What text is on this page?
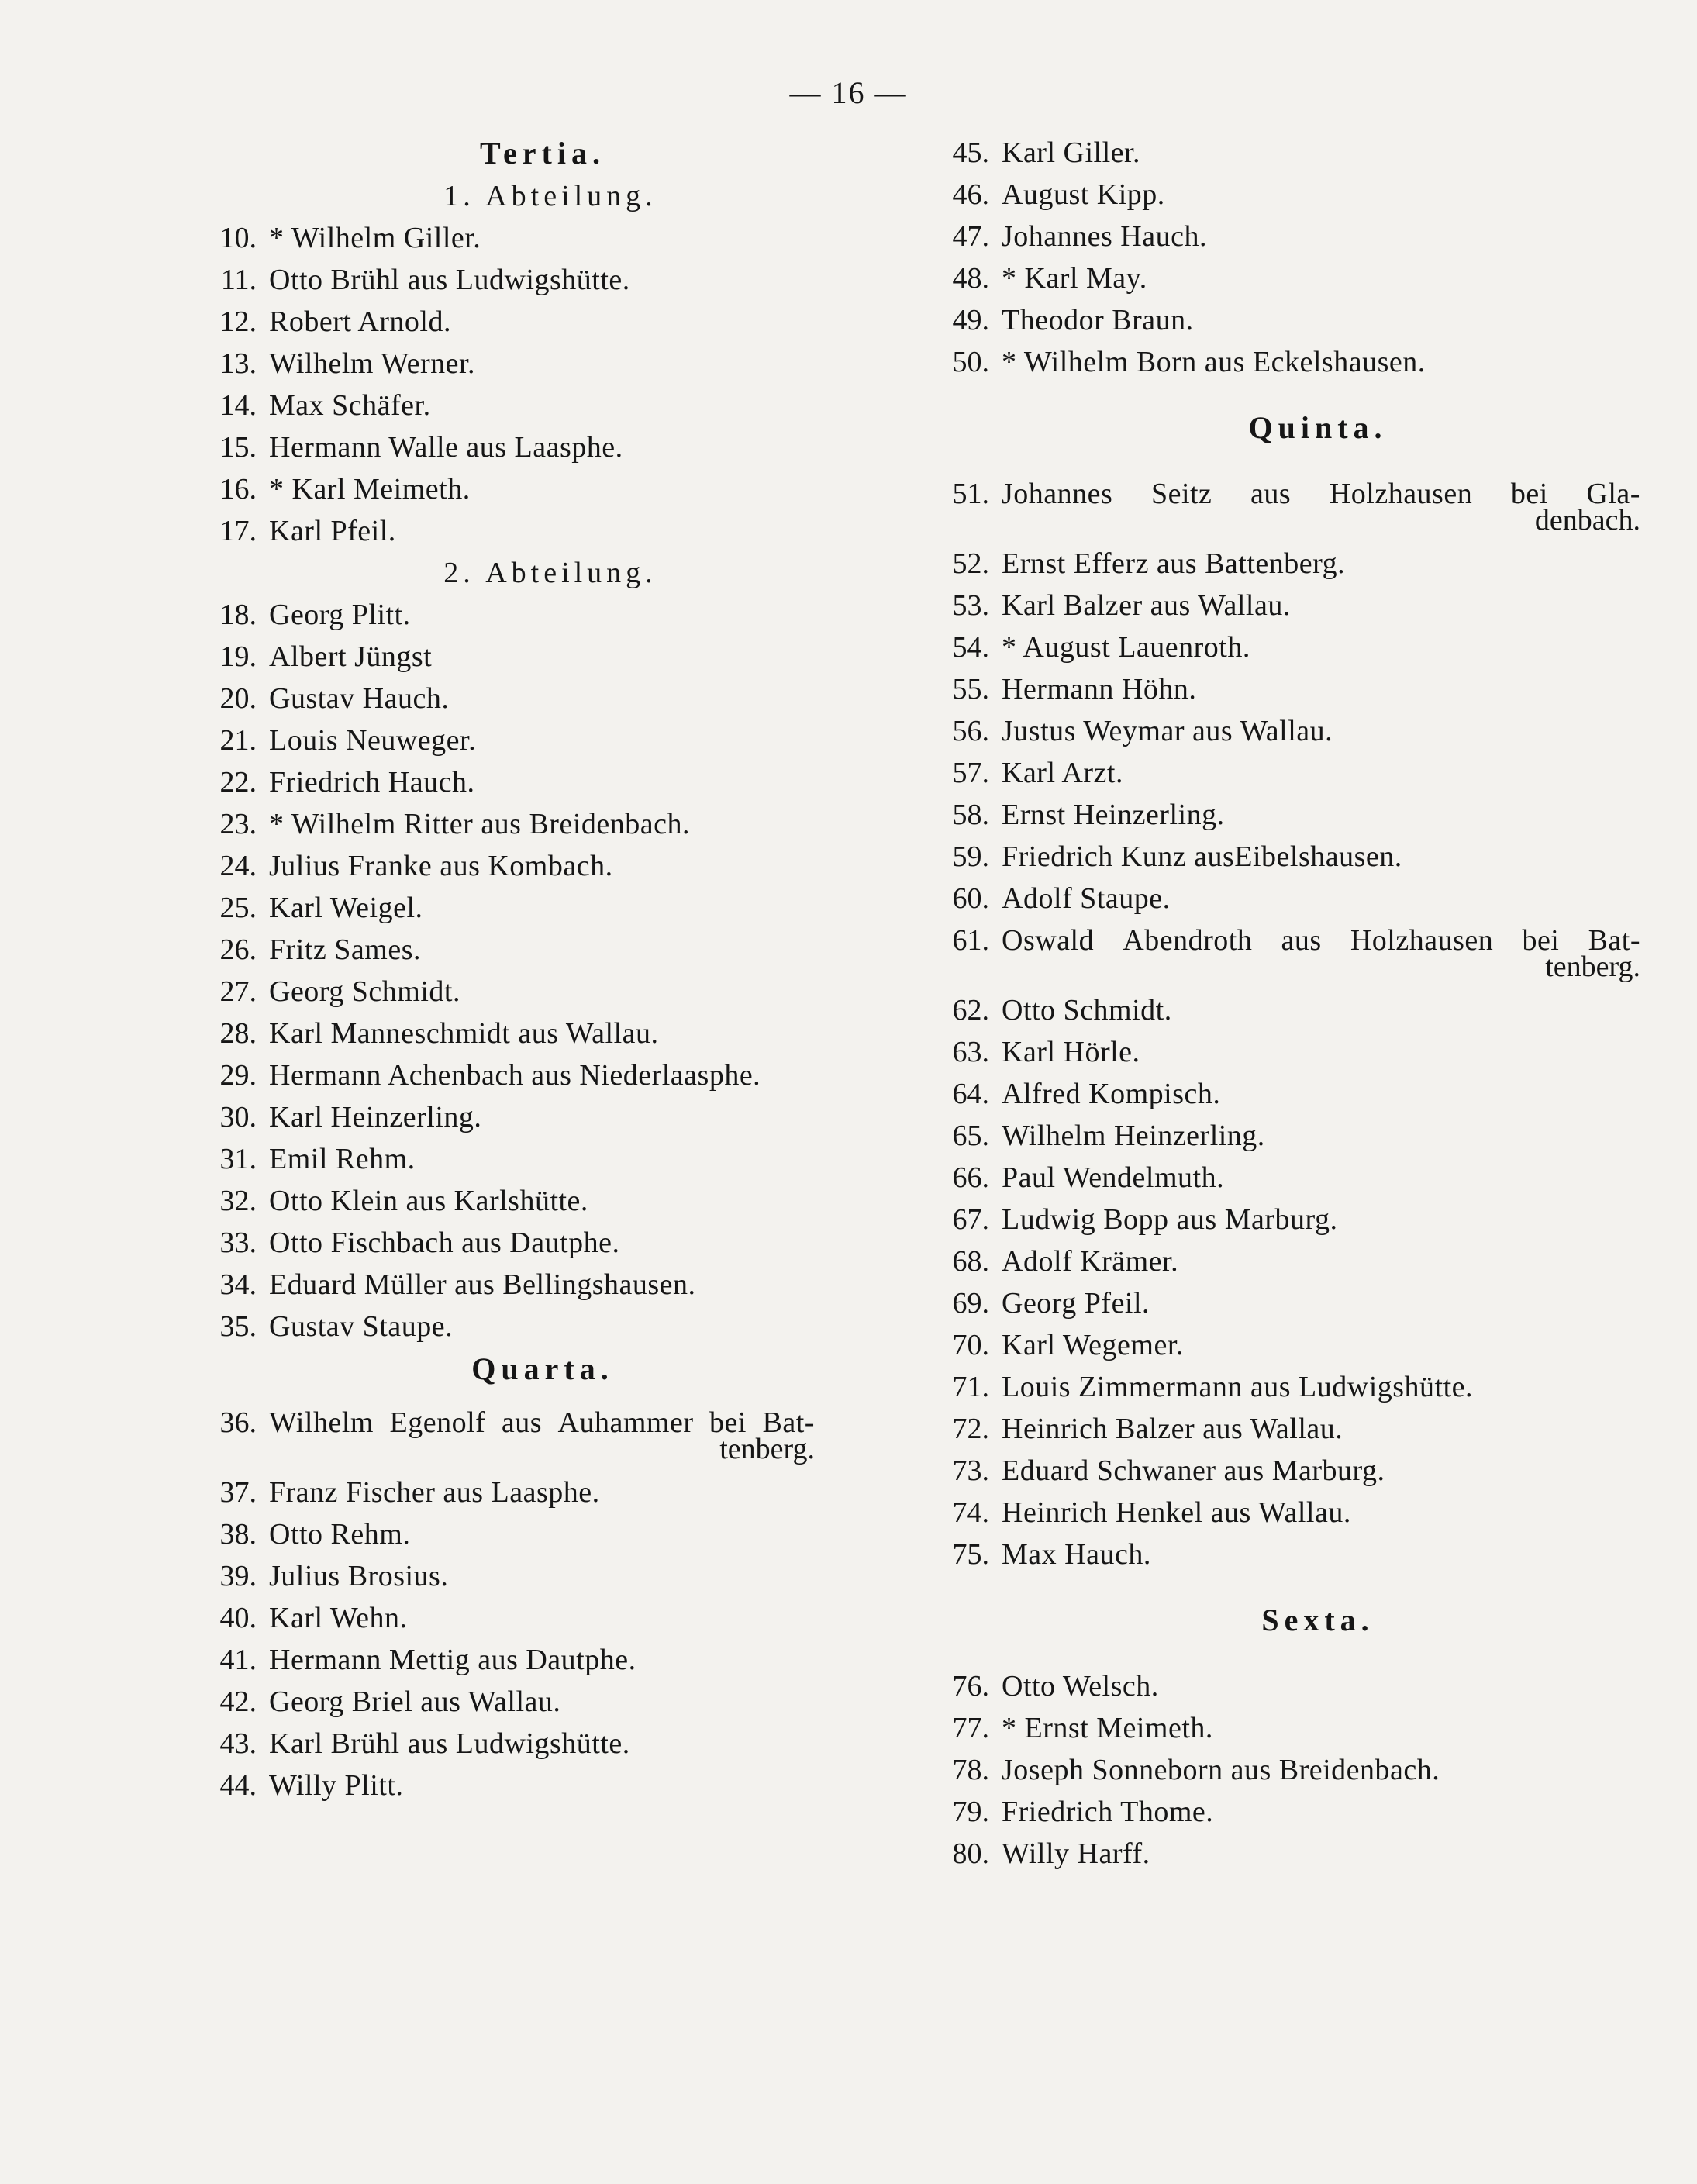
— 16 —
Tertia.
1. Abteilung.
10. * Wilhelm Giller.
11. Otto Brühl aus Ludwigshütte.
12. Robert Arnold.
13. Wilhelm Werner.
14. Max Schäfer.
15. Hermann Walle aus Laasphe.
16. * Karl Meimeth.
17. Karl Pfeil.
2. Abteilung.
18. Georg Plitt.
19. Albert Jüngst
20. Gustav Hauch.
21. Louis Neuweger.
22. Friedrich Hauch.
23. * Wilhelm Ritter aus Breidenbach.
24. Julius Franke aus Kombach.
25. Karl Weigel.
26. Fritz Sames.
27. Georg Schmidt.
28. Karl Manneschmidt aus Wallau.
29. Hermann Achenbach aus Niederlaasphe.
30. Karl Heinzerling.
31. Emil Rehm.
32. Otto Klein aus Karlshütte.
33. Otto Fischbach aus Dautphe.
34. Eduard Müller aus Bellingshausen.
35. Gustav Staupe.
Quarta.
36. Wilhelm Egenolf aus Auhammer bei Bat-
tenberg.
37. Franz Fischer aus Laasphe.
38. Otto Rehm.
39. Julius Brosius.
40. Karl Wehn.
41. Hermann Mettig aus Dautphe.
42. Georg Briel aus Wallau.
43. Karl Brühl aus Ludwigshütte.
44. Willy Plitt.
45. Karl Giller.
46. August Kipp.
47. Johannes Hauch.
48. * Karl May.
49. Theodor Braun.
50. * Wilhelm Born aus Eckelshausen.
Quinta.
51. Johannes Seitz aus Holzhausen bei Gla-
denbach.
52. Ernst Efferz aus Battenberg.
53. Karl Balzer aus Wallau.
54. * August Lauenroth.
55. Hermann Höhn.
56. Justus Weymar aus Wallau.
57. Karl Arzt.
58. Ernst Heinzerling.
59. Friedrich Kunz ausEibelshausen.
60. Adolf Staupe.
61. Oswald Abendroth aus Holzhausen bei Bat-
tenberg.
62. Otto Schmidt.
63. Karl Hörle.
64. Alfred Kompisch.
65. Wilhelm Heinzerling.
66. Paul Wendelmuth.
67. Ludwig Bopp aus Marburg.
68. Adolf Krämer.
69. Georg Pfeil.
70. Karl Wegemer.
71. Louis Zimmermann aus Ludwigshütte.
72. Heinrich Balzer aus Wallau.
73. Eduard Schwaner aus Marburg.
74. Heinrich Henkel aus Wallau.
75. Max Hauch.
Sexta.
76. Otto Welsch.
77. * Ernst Meimeth.
78. Joseph Sonneborn aus Breidenbach.
79. Friedrich Thome.
80. Willy Harff.
